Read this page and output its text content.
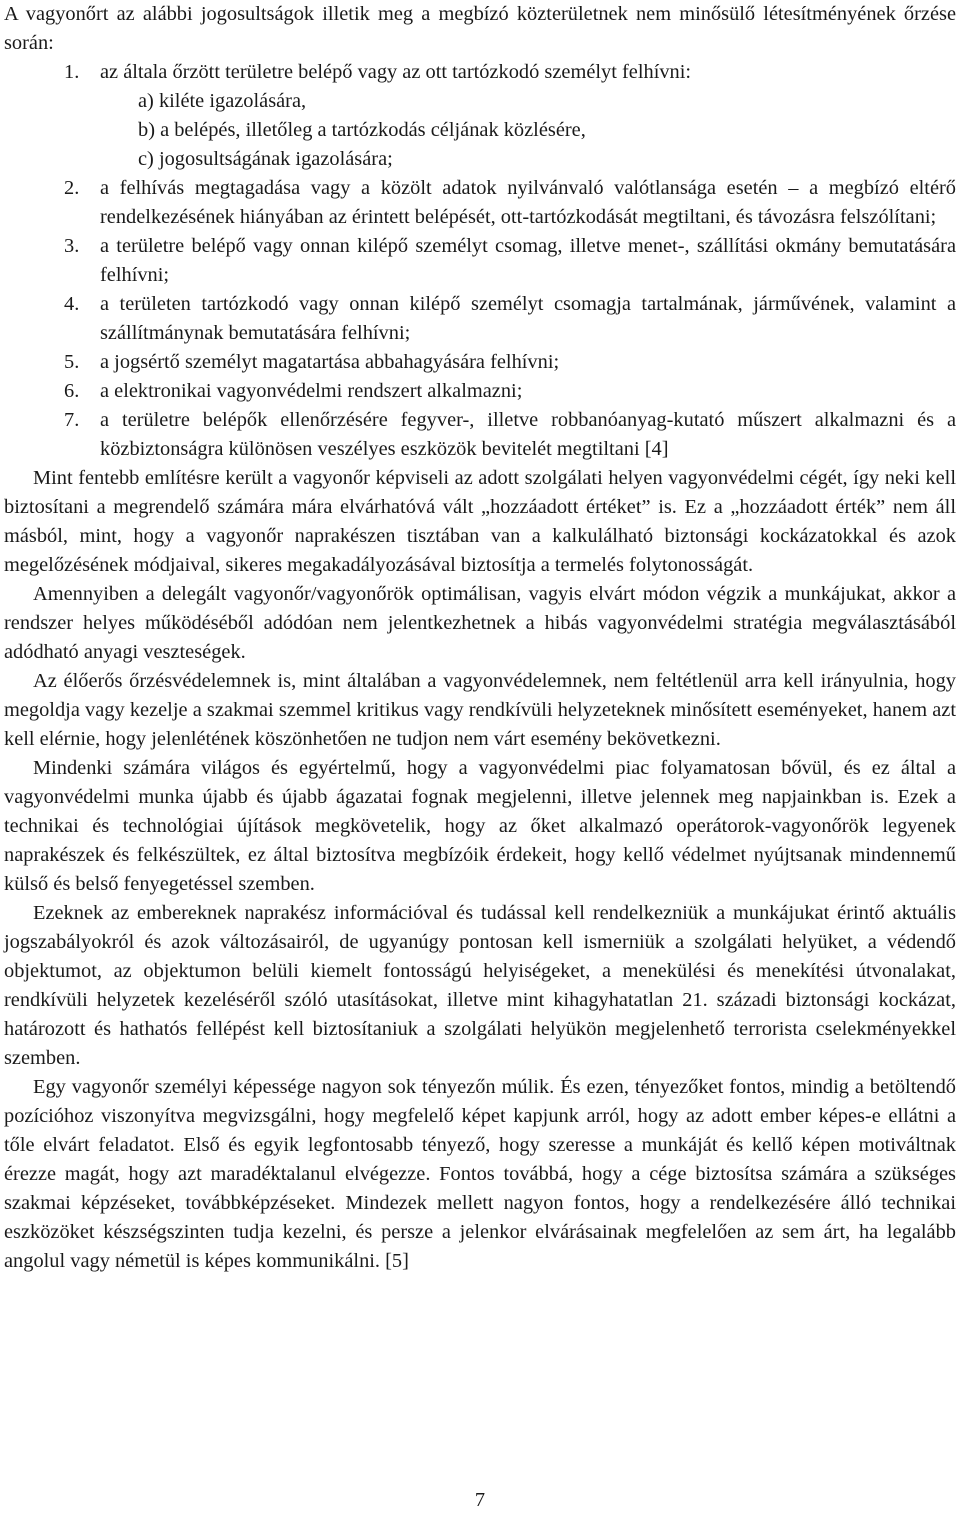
A vagyonőrt az alábbi jogosultságok illetik meg a megbízó közterületnek nem minősülő létesítményének őrzése során:

1. az általa őrzött területre belépő vagy az ott tartózkodó személyt felhívni:
a) kiléte igazolására,
b) a belépés, illetőleg a tartózkodás céljának közlésére,
c) jogosultságának igazolására;
2. a felhívás megtagadása vagy a közölt adatok nyilvánvaló valótlansága esetén – a megbízó eltérő rendelkezésének hiányában az érintett belépését, ott-tartózkodását megtiltani, és távozásra felszólítani;
3. a területre belépő vagy onnan kilépő személyt csomag, illetve menet-, szállítási okmány bemutatására felhívni;
4. a területen tartózkodó vagy onnan kilépő személyt csomagja tartalmának, járművének, valamint a szállítmánynak bemutatására felhívni;
5. a jogsértő személyt magatartása abbahagyására felhívni;
6. a elektronikai vagyonvédelmi rendszert alkalmazni;
7. a területre belépők ellenőrzésére fegyver-, illetve robbanóanyag-kutató műszert alkalmazni és a közbiztonságra különösen veszélyes eszközök bevitelét megtiltani [4]

Mint fentebb említésre került a vagyonőr képviseli az adott szolgálati helyen vagyonvédelmi cégét, így neki kell biztosítani a megrendelő számára mára elvárhatóvá vált „hozzáadott értéket” is. Ez a „hozzáadott érték” nem áll másból, mint, hogy a vagyonőr naprakészen tisztában van a kalkulálható biztonsági kockázatokkal és azok megelőzésének módjaival, sikeres megakadályozásával biztosítja a termelés folytonosságát.

Amennyiben a delegált vagyonőr/vagyonőrök optimálisan, vagyis elvárt módon végzik a munkájukat, akkor a rendszer helyes működéséből adódóan nem jelentkezhetnek a hibás vagyonvédelmi stratégia megválasztásából adódható anyagi veszteségek.

Az élőerős őrzésvédelemnek is, mint általában a vagyonvédelemnek, nem feltétlenül arra kell irányulnia, hogy megoldja vagy kezelje a szakmai szemmel kritikus vagy rendkívüli helyzeteknek minősített eseményeket, hanem azt kell elérnie, hogy jelenlétének köszönhetően ne tudjon nem várt esemény bekövetkezni.

Mindenki számára világos és egyértelmű, hogy a vagyonvédelmi piac folyamatosan bővül, és ez által a vagyonvédelmi munka újabb és újabb ágazatai fognak megjelenni, illetve jelennek meg napjainkban is. Ezek a technikai és technológiai újítások megkövetelik, hogy az őket alkalmazó operátorok-vagyonőrök legyenek naprakészek és felkészültek, ez által biztosítva megbízóik érdekeit, hogy kellő védelmet nyújtsanak mindennemű külső és belső fenyegetéssel szemben.

Ezeknek az embereknek naprakész információval és tudással kell rendelkezniük a munkájukat érintő aktuális jogszabályokról és azok változásairól, de ugyanúgy pontosan kell ismerniük a szolgálati helyüket, a védendő objektumot, az objektumon belüli kiemelt fontosságú helyiségeket, a menekülési és menekítési útvonalakat, rendkívüli helyzetek kezeléséről szóló utasításokat, illetve mint kihagyhatatlan 21. századi biztonsági kockázat, határozott és hathatós fellépést kell biztosítaniuk a szolgálati helyükön megjelenhető terrorista cselekményekkel szemben.

Egy vagyonőr személyi képessége nagyon sok tényezőn múlik. És ezen, tényezőket fontos, mindig a betöltendő pozícióhoz viszonyítva megvizsgálni, hogy megfelelő képet kapjunk arról, hogy az adott ember képes-e ellátni a tőle elvárt feladatot. Első és egyik legfontosabb tényező, hogy szeresse a munkáját és kellő képen motiváltnak érezze magát, hogy azt maradéktalanul elvégezze. Fontos továbbá, hogy a cége biztosítsa számára a szükséges szakmai képzéseket, továbbképzéseket. Mindezek mellett nagyon fontos, hogy a rendelkezésére álló technikai eszközöket készségszinten tudja kezelni, és persze a jelenkor elvárásainak megfelelően az sem árt, ha legalább angolul vagy németül is képes kommunikálni. [5]

7
